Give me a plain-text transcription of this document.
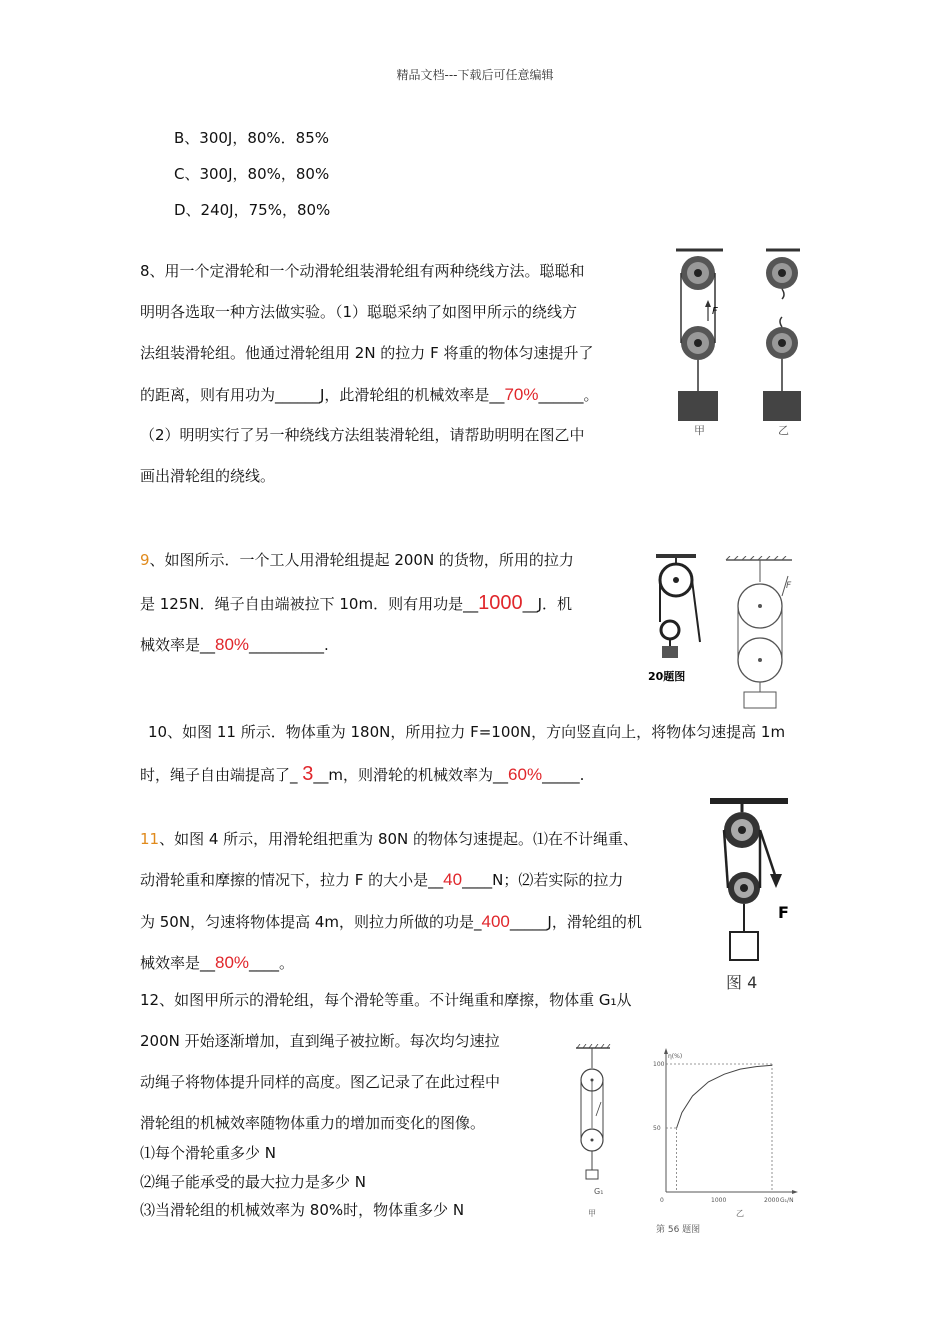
精品文档---下载后可任意编辑
B、300J，80%．85%
C、300J，80%，80%
D、240J，75%，80%
8、用一个定滑轮和一个动滑轮组装滑轮组有两种绕线方法。聪聪和
明明各选取一种方法做实验。（1）聪聪采纳了如图甲所示的绕线方
法组装滑轮组。他通过滑轮组用 2N 的拉力 F 将重的物体匀速提升了
的距离，则有用功为______J，此滑轮组的机械效率是__70%______。
（2）明明实行了另一种绕线方法组装滑轮组，请帮助明明在图乙中
画出滑轮组的绕线。
F
甲	乙
9、如图所示．一个工人用滑轮组提起 200N 的货物，所用的拉力
是 125N．绳子自由端被拉下 10m．则有用功是__1000__J．机
械效率是__80%__________.
20题图
F
10、如图 11 所示．物体重为 180N，所用拉力 F=100N，方向竖直向上，将物体匀速提高 1m
时，绳子自由端提高了_ 3__m，则滑轮的机械效率为__60%_____.
11、如图 4 所示，用滑轮组把重为 80N 的物体匀速提起。⑴在不计绳重、
动滑轮重和摩擦的情况下，拉力 F 的大小是__40____N；⑵若实际的拉力
为 50N，匀速将物体提高 4m，则拉力所做的功是_400_____J，滑轮组的机
械效率是__80%____。
F
图 4
12、如图甲所示的滑轮组，每个滑轮等重。不计绳重和摩擦，物体重 G₁从
200N 开始逐渐增加，直到绳子被拉断。每次均匀速拉
动绳子将物体提升同样的高度。图乙记录了在此过程中
滑轮组的机械效率随物体重力的增加而变化的图像。
⑴每个滑轮重多少 N
⑵绳子能承受的最大拉力是多少 N
⑶当滑轮组的机械效率为 80%时，物体重多少 N
G₁
甲
0	1000	2000
50
100
η(%)
G₁/N
乙
第 56 题图
